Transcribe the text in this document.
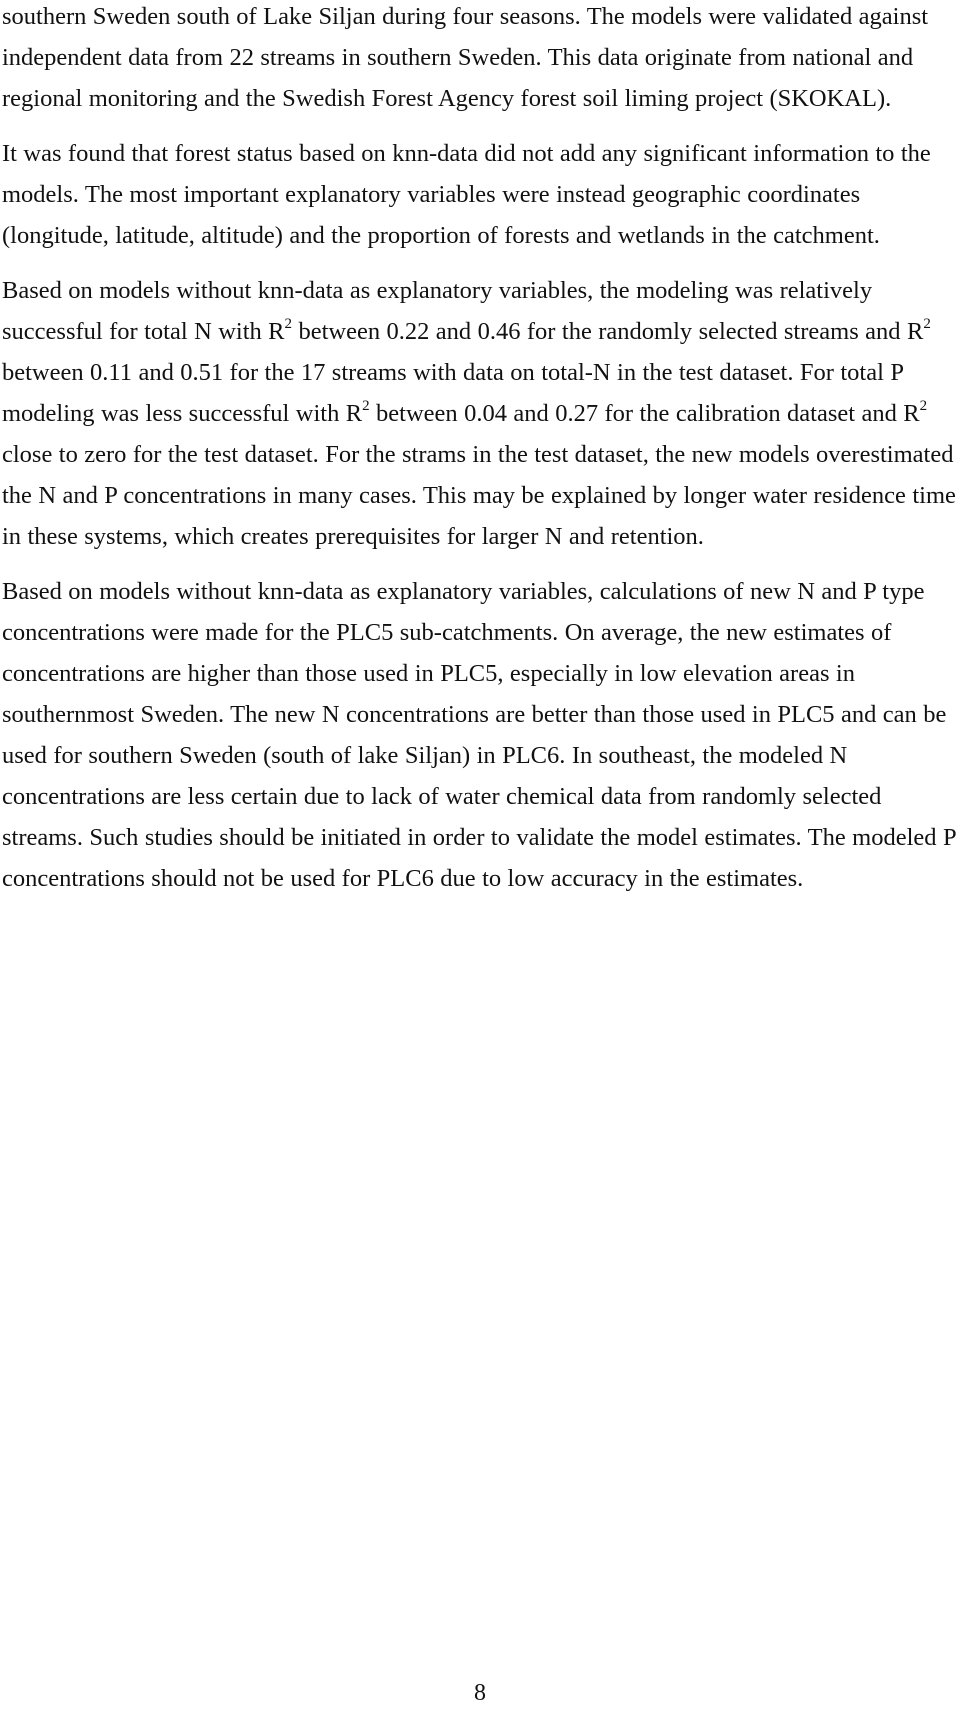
southern Sweden south of Lake Siljan during four seasons. The models were validated against independent data from 22 streams in southern Sweden. This data originate from national and regional monitoring and the Swedish Forest Agency forest soil liming project (SKOKAL).

It was found that forest status based on knn-data did not add any significant information to the models. The most important explanatory variables were instead geographic coordinates (longitude, latitude, altitude) and the proportion of forests and wetlands in the catchment.

Based on models without knn-data as explanatory variables, the modeling was relatively successful for total N with $R^2$ between 0.22 and 0.46 for the randomly selected streams and $R^2$ between 0.11 and 0.51 for the 17 streams with data on total-N in the test dataset. For total P modeling was less successful with $R^2$ between 0.04 and 0.27 for the calibration dataset and $R^2$ close to zero for the test dataset. For the strams in the test dataset, the new models overestimated the N and P concentrations in many cases. This may be explained by longer water residence time in these systems, which creates prerequisites for larger N and retention.

Based on models without knn-data as explanatory variables, calculations of new N and P type concentrations were made for the PLC5 sub-catchments. On average, the new estimates of concentrations are higher than those used in PLC5, especially in low elevation areas in southernmost Sweden. The new N concentrations are better than those used in PLC5 and can be used for southern Sweden (south of lake Siljan) in PLC6. In southeast, the modeled N concentrations are less certain due to lack of water chemical data from randomly selected streams. Such studies should be initiated in order to validate the model estimates. The modeled P concentrations should not be used for PLC6 due to low accuracy in the estimates.

8
